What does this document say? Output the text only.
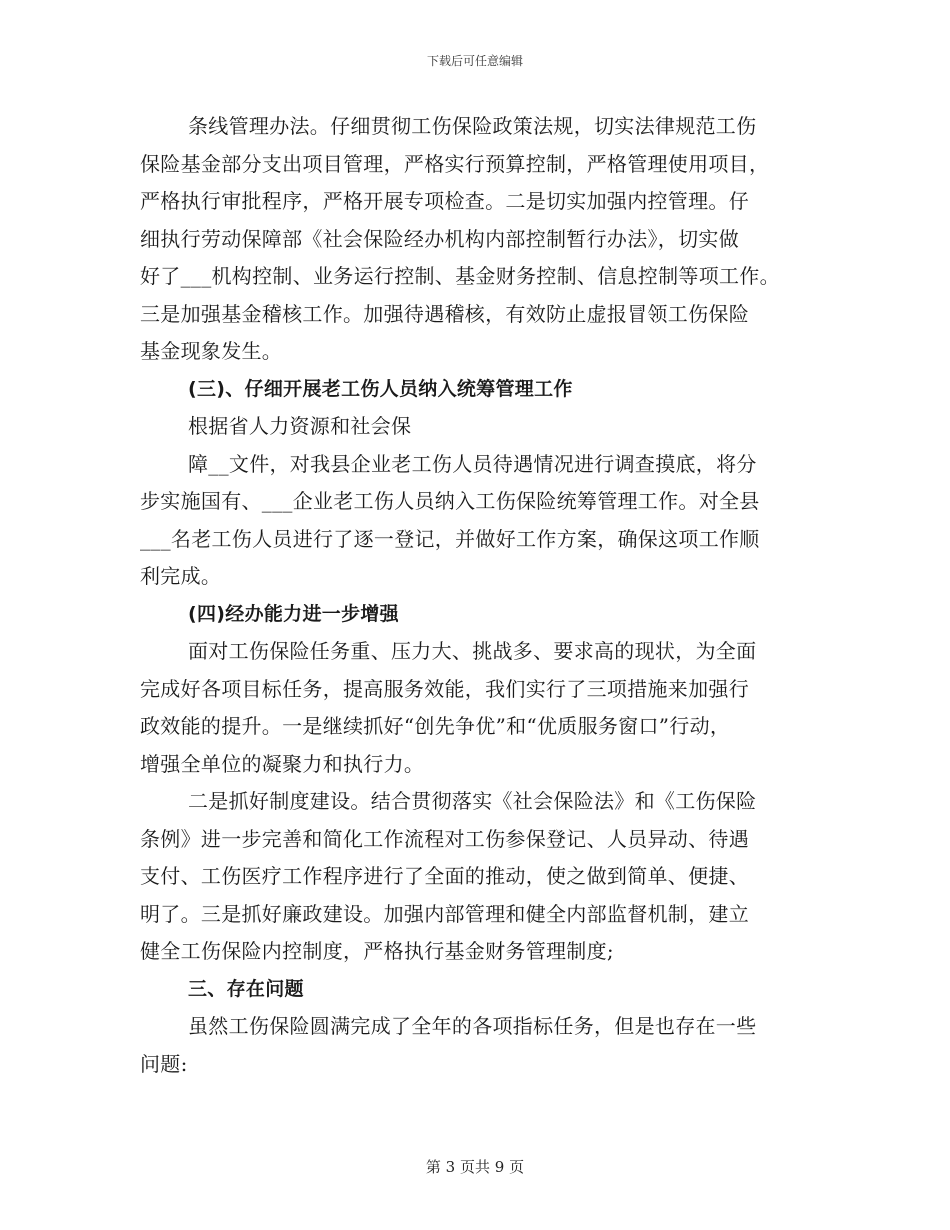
下载后可任意编辑
条线管理办法。仔细贯彻工伤保险政策法规，切实法律规范工伤
保险基金部分支出项目管理，严格实行预算控制，严格管理使用项目，
严格执行审批程序，严格开展专项检查。二是切实加强内控管理。仔
细执行劳动保障部《社会保险经办机构内部控制暂行办法》，切实做
好了___机构控制、业务运行控制、基金财务控制、信息控制等项工作。
三是加强基金稽核工作。加强待遇稽核，有效防止虚报冒领工伤保险
基金现象发生。
(三)、仔细开展老工伤人员纳入统筹管理工作
根据省人力资源和社会保
障__文件，对我县企业老工伤人员待遇情况进行调查摸底，将分
步实施国有、___企业老工伤人员纳入工伤保险统筹管理工作。对全县
___名老工伤人员进行了逐一登记，并做好工作方案，确保这项工作顺
利完成。
(四)经办能力进一步增强
面对工伤保险任务重、压力大、挑战多、要求高的现状，为全面
完成好各项目标任务，提高服务效能，我们实行了三项措施来加强行
政效能的提升。一是继续抓好“创先争优”和“优质服务窗口”行动，
增强全单位的凝聚力和执行力。
二是抓好制度建设。结合贯彻落实《社会保险法》和《工伤保险
条例》进一步完善和简化工作流程对工伤参保登记、人员异动、待遇
支付、工伤医疗工作程序进行了全面的推动，使之做到简单、便捷、
明了。三是抓好廉政建设。加强内部管理和健全内部监督机制，建立
健全工伤保险内控制度，严格执行基金财务管理制度;
三、存在问题
虽然工伤保险圆满完成了全年的各项指标任务，但是也存在一些
问题:
第 3 页共 9 页
